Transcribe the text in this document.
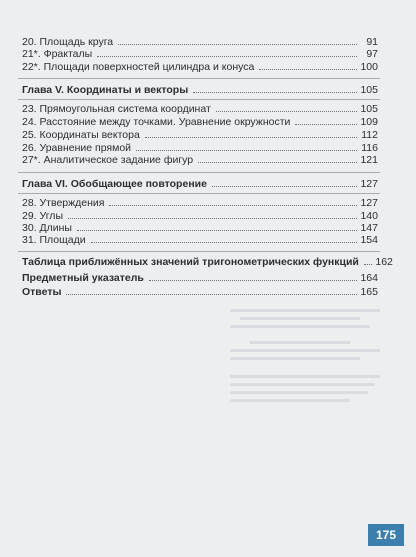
20. Площадь круга	91
21*. Фракталы	97
22*. Площади поверхностей цилиндра и конуса	100
Глава V. Координаты и векторы	105
23. Прямоугольная система координат	105
24. Расстояние между точками. Уравнение окружности	109
25. Координаты вектора	112
26. Уравнение прямой	116
27*. Аналитическое задание фигур	121
Глава VI. Обобщающее повторение	127
28. Утверждения	127
29. Углы	140
30. Длины	147
31. Площади	154
Таблица приближённых значений тригонометрических функций 162
Предметный указатель	164
Ответы	165
175
